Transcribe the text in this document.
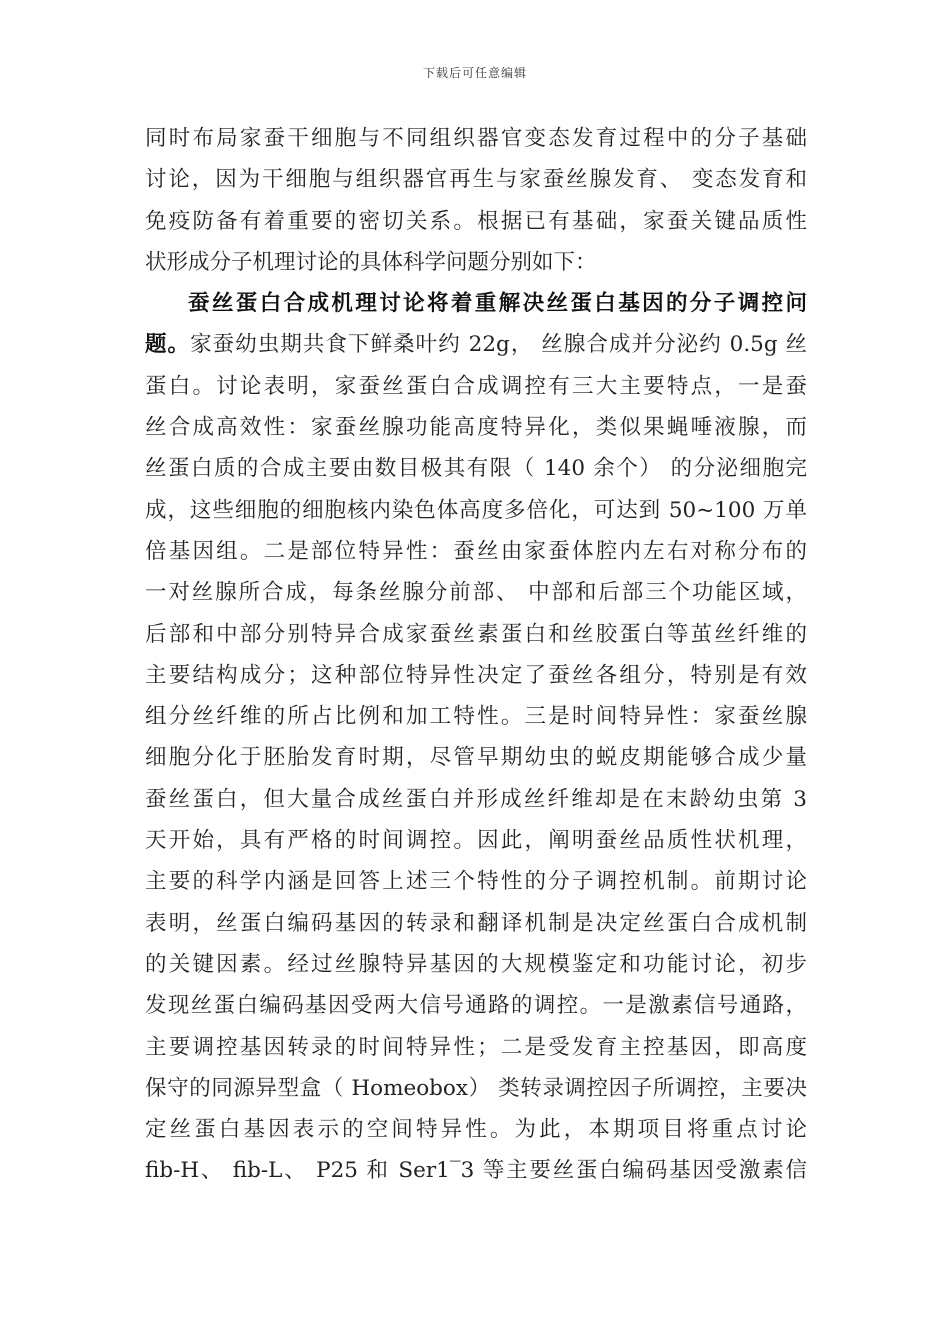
下载后可任意编辑
同时布局家蚕干细胞与不同组织器官变态发育过程中的分子基础
讨论，因为干细胞与组织器官再生与家蚕丝腺发育、 变态发育和
免疫防备有着重要的密切关系。根据已有基础，家蚕关键品质性
状形成分子机理讨论的具体科学问题分别如下：
蚕丝蛋白合成机理讨论将着重解决丝蛋白基因的分子调控问
题。家蚕幼虫期共食下鲜桑叶约 22g， 丝腺合成并分泌约 0.5g 丝
蛋白。讨论表明，家蚕丝蛋白合成调控有三大主要特点，一是蚕
丝合成高效性：家蚕丝腺功能高度特异化，类似果蝇唾液腺，而
丝蛋白质的合成主要由数目极其有限（ 140 余个） 的分泌细胞完
成，这些细胞的细胞核内染色体高度多倍化，可达到 50~100 万单
倍基因组。二是部位特异性：蚕丝由家蚕体腔内左右对称分布的
一对丝腺所合成，每条丝腺分前部、 中部和后部三个功能区域，
后部和中部分别特异合成家蚕丝素蛋白和丝胶蛋白等茧丝纤维的
主要结构成分；这种部位特异性决定了蚕丝各组分，特别是有效
组分丝纤维的所占比例和加工特性。三是时间特异性：家蚕丝腺
细胞分化于胚胎发育时期，尽管早期幼虫的蜕皮期能够合成少量
蚕丝蛋白，但大量合成丝蛋白并形成丝纤维却是在末龄幼虫第 3
天开始，具有严格的时间调控。因此，阐明蚕丝品质性状机理，
主要的科学内涵是回答上述三个特性的分子调控机制。前期讨论
表明，丝蛋白编码基因的转录和翻译机制是决定丝蛋白合成机制
的关键因素。经过丝腺特异基因的大规模鉴定和功能讨论，初步
发现丝蛋白编码基因受两大信号通路的调控。一是激素信号通路，
主要调控基因转录的时间特异性；二是受发育主控基因，即高度
保守的同源异型盒（ Homeobox） 类转录调控因子所调控，主要决
定丝蛋白基因表示的空间特异性。为此，本期项目将重点讨论
fib-H、 fib-L、 P25 和 Ser1‾3 等主要丝蛋白编码基因受激素信
